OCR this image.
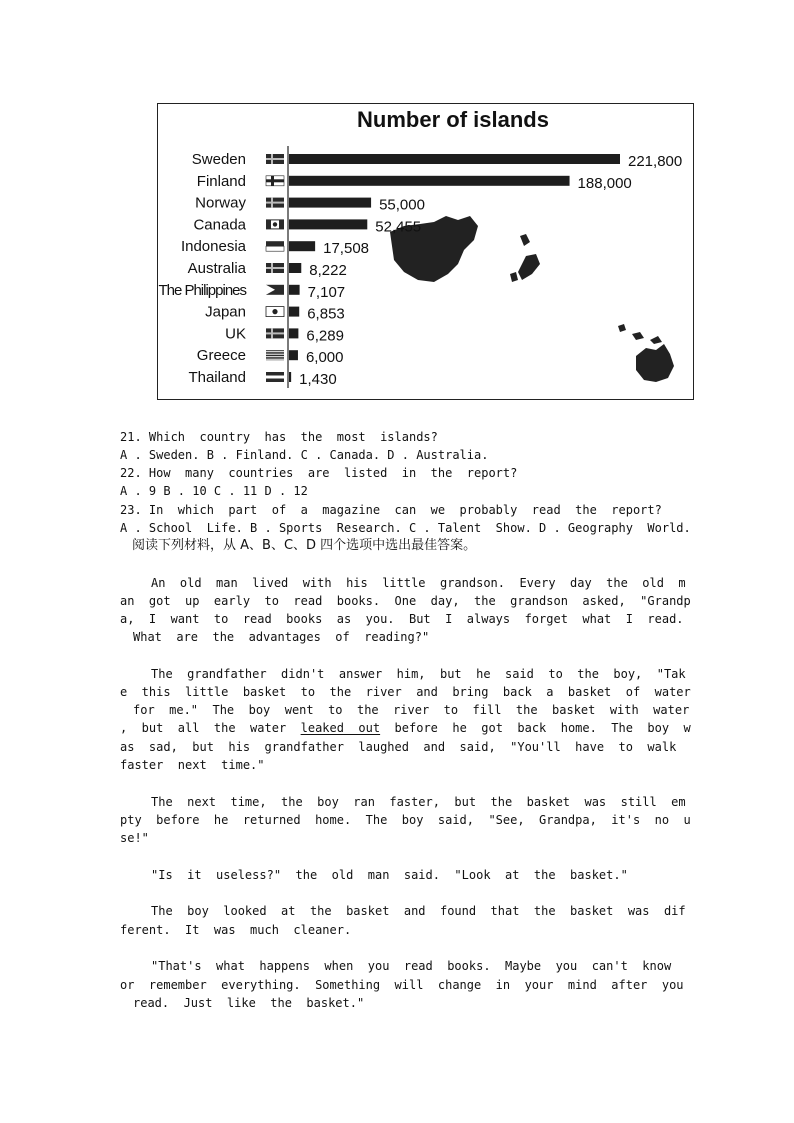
Number of islands
Sweden	221,800
Finland	188,000
Norway	55,000
Canada	52,455
Indonesia	17,508
Australia	8,222
The Philippines	7,107
Japan	6,853
UK	6,289
Greece	6,000
Thailand	1,430

21. Which  country  has  the  most  islands?

A . Sweden. B . Finland. C . Canada. D . Australia.

22. How  many  countries  are  listed  in  the  report?

A . 9 B . 10 C . 11 D . 12

23. In  which  part  of  a  magazine  can  we  probably  read  the  report?

A . School  Life. B . Sports  Research. C . Talent  Show. D . Geography  World.

阅读下列材料，从 A、B、C、D 四个选项中选出最佳答案。

An  old  man  lived  with  his  little  grandson.  Every  day  the  old  m

an  got  up  early  to  read  books.  One  day,  the  grandson  asked,  "Grandp

a,  I  want  to  read  books  as  you.  But  I  always  forget  what  I  read.

What  are  the  advantages  of  reading?"

The  grandfather  didn't  answer  him,  but  he  said  to  the  boy,  "Tak

e  this  little  basket  to  the  river  and  bring  back  a  basket  of  water

for  me."  The  boy  went  to  the  river  to  fill  the  basket  with  water

,  but  all  the  water  leaked  out  before  he  got  back  home.  The  boy  w

as  sad,  but  his  grandfather  laughed  and  said,  "You'll  have  to  walk

faster  next  time."

The  next  time,  the  boy  ran  faster,  but  the  basket  was  still  em

pty  before  he  returned  home.  The  boy  said,  "See,  Grandpa,  it's  no  u

se!"

"Is  it  useless?"  the  old  man  said.  "Look  at  the  basket."

The  boy  looked  at  the  basket  and  found  that  the  basket  was  dif

ferent.  It  was  much  cleaner.

"That's  what  happens  when  you  read  books.  Maybe  you  can't  know

or  remember  everything.  Something  will  change  in  your  mind  after  you

read.  Just  like  the  basket."
